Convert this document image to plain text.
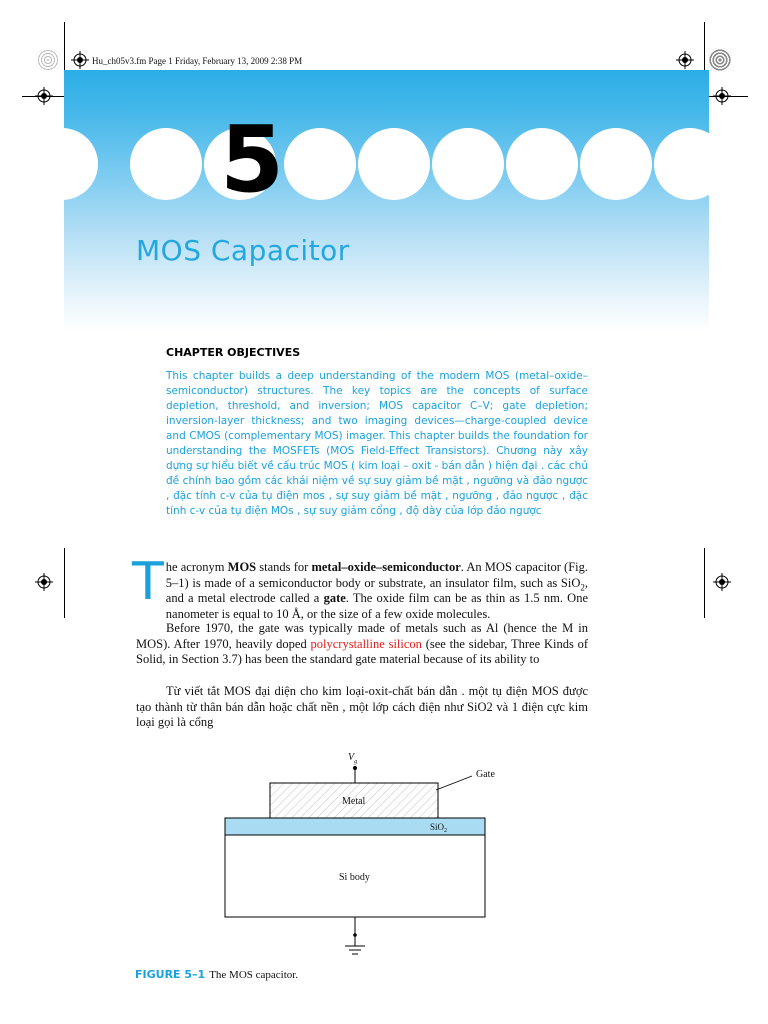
Hu_ch05v3.fm Page 1 Friday, February 13, 2009 2:38 PM
5
MOS Capacitor
CHAPTER OBJECTIVES
This chapter builds a deep understanding of the modern MOS (metal–oxide–semiconductor) structures. The key topics are the concepts of surface depletion, threshold, and inversion; MOS capacitor C–V; gate depletion; inversion-layer thickness; and two imaging devices—charge-coupled device and CMOS (complementary MOS) imager. This chapter builds the foundation for understanding the MOSFETs (MOS Field-Effect Transistors). Chương này xây dựng sự hiểu biết về cấu trúc MOS ( kim loại – oxit - bán dẫn ) hiện đại . các chủ đề chính bao gồm các khái niệm về sự suy giảm bề mặt , ngưỡng và đảo ngược , đặc tính c-v của tụ điện mos , sự suy giảm bề mặt , ngưỡng , đảo ngược , đặc tính c-v của tụ điện MOs , sự suy giảm cổng , độ dày của lớp đảo ngược
The acronym MOS stands for metal–oxide–semiconductor. An MOS capacitor (Fig. 5–1) is made of a semiconductor body or substrate, an insulator film, such as SiO$_2$, and a metal electrode called a gate. The oxide film can be as thin as 1.5 nm. One nanometer is equal to 10 Å, or the size of a few oxide molecules.
Before 1970, the gate was typically made of metals such as Al (hence the M in MOS). After 1970, heavily doped polycrystalline silicon (see the sidebar, Three Kinds of Solid, in Section 3.7) has been the standard gate material because of its ability to
Từ viết tắt MOS đại diện cho kim loại-oxit-chất bán dẫn . một tụ điện MOS được tạo thành từ thân bán dẫn hoặc chất nền , một lớp cách điện như SiO2 và 1 điện cực kim loại gọi là cổng
$V_g$
Metal
Gate
SiO$_2$
Si body
FIGURE 5–1 The MOS capacitor.
